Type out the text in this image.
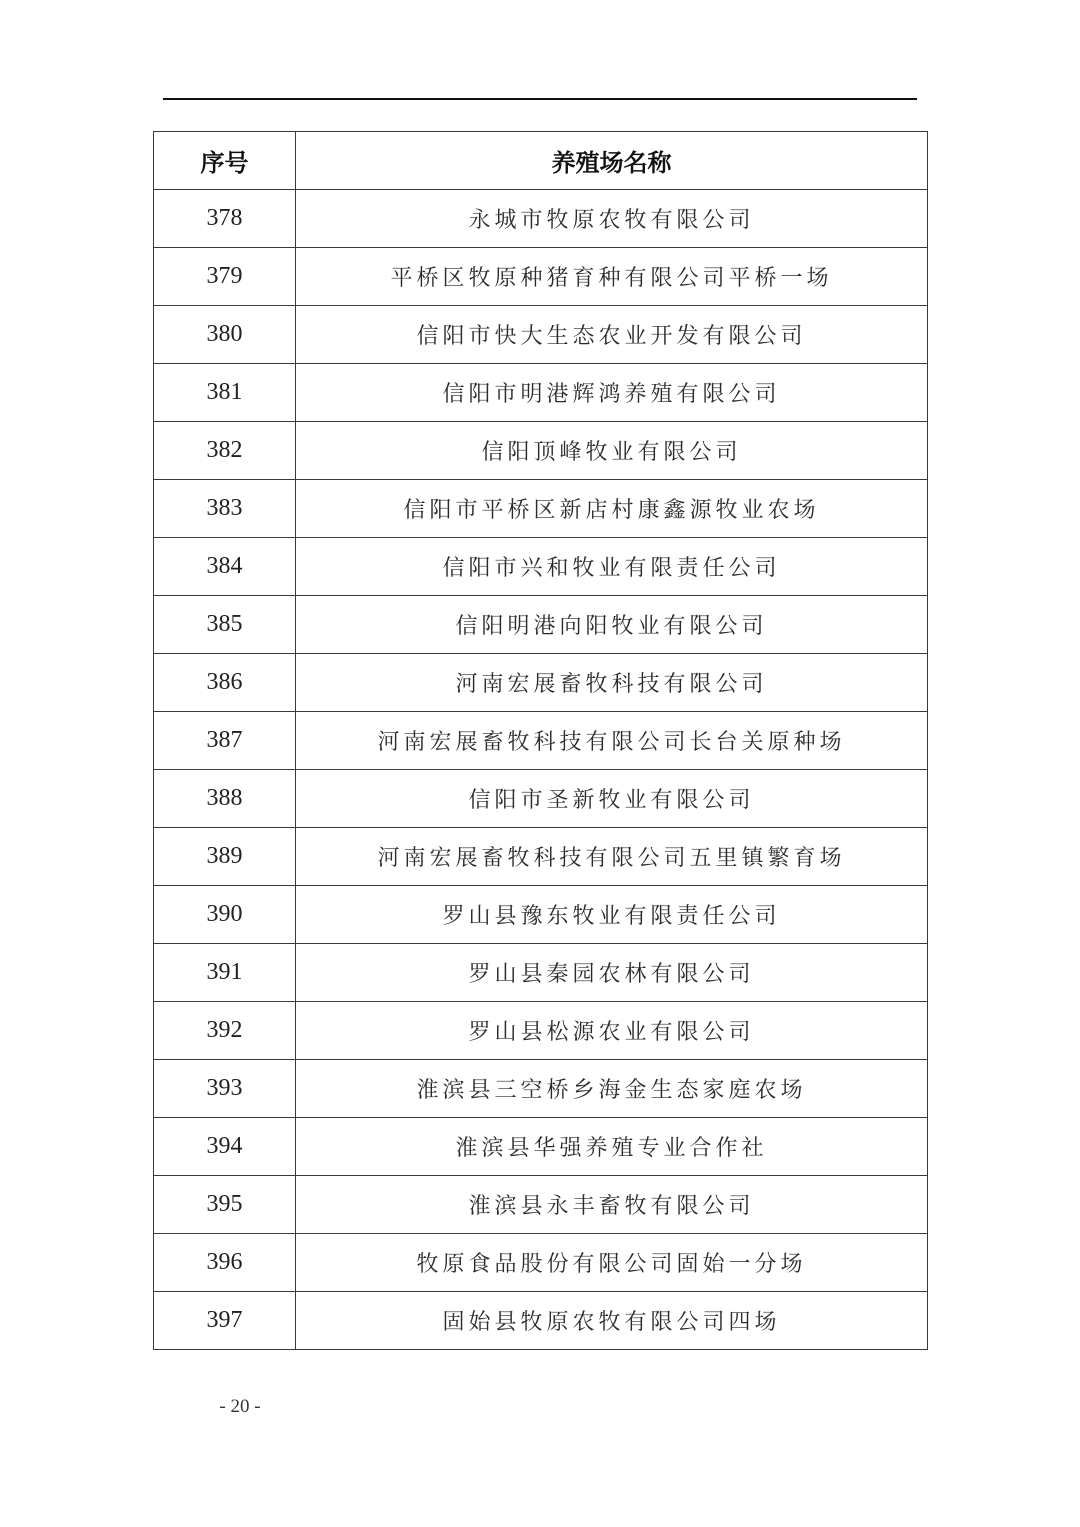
序号	养殖场名称
378	永城市牧原农牧有限公司
379	平桥区牧原种猪育种有限公司平桥一场
380	信阳市快大生态农业开发有限公司
381	信阳市明港辉鸿养殖有限公司
382	信阳顶峰牧业有限公司
383	信阳市平桥区新店村康鑫源牧业农场
384	信阳市兴和牧业有限责任公司
385	信阳明港向阳牧业有限公司
386	河南宏展畜牧科技有限公司
387	河南宏展畜牧科技有限公司长台关原种场
388	信阳市圣新牧业有限公司
389	河南宏展畜牧科技有限公司五里镇繁育场
390	罗山县豫东牧业有限责任公司
391	罗山县秦园农林有限公司
392	罗山县松源农业有限公司
393	淮滨县三空桥乡海金生态家庭农场
394	淮滨县华强养殖专业合作社
395	淮滨县永丰畜牧有限公司
396	牧原食品股份有限公司固始一分场
397	固始县牧原农牧有限公司四场
- 20 -
